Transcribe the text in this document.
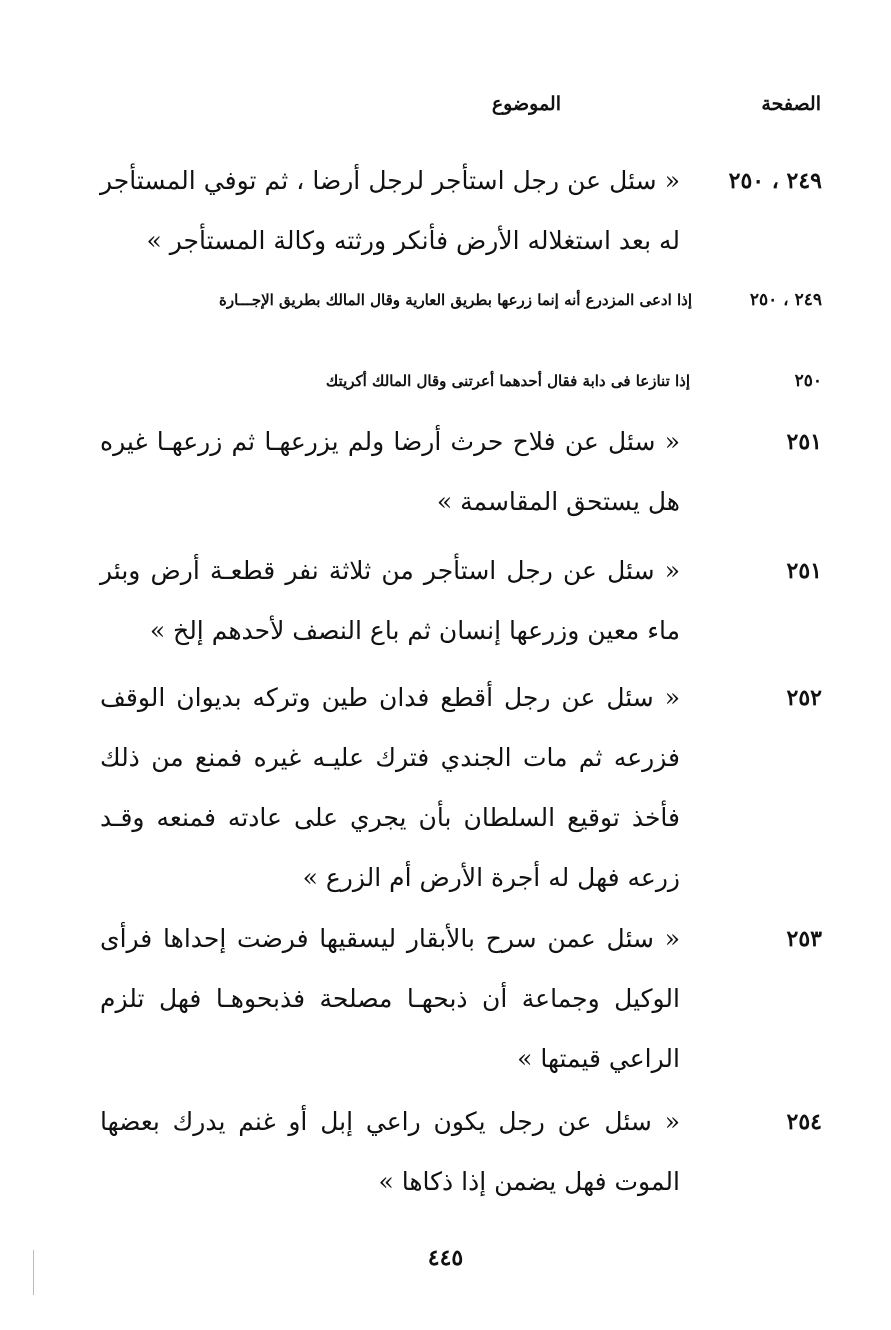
الصفحة
الموضوع
٢٤٩ ، ٢٥٠
« سئل عن رجل استأجر لرجل أرضا ، ثم توفي المستأجر له بعد استغلاله الأرض فأنكر ورثته وكالة المستأجر »
٢٤٩ ، ٢٥٠
إذا ادعى المزدرع أنه إنما زرعها بطريق العارية وقال المالك بطريق الإجـــارة
٢٥٠
إذا تنازعا فى دابة فقال أحدهما أعرتنى وقال المالك أكريتك
٢٥١
« سئل عن فلاح حرث أرضا ولم يزرعهـا ثم زرعهـا غيره هل يستحق المقاسمة »
٢٥١
« سئل عن رجل استأجر من ثلاثة نفر قطعـة أرض وبئر ماء معين وزرعها إنسان ثم باع النصف لأحدهم إلخ »
٢٥٢
« سئل عن رجل أقطع فدان طين وتركه بديوان الوقف فزرعه ثم مات الجندي فترك عليـه غيره فمنع من ذلك فأخذ توقيع السلطان بأن يجري على عادته فمنعه وقـد زرعه فهل له أجرة الأرض أم الزرع »
٢٥٣
« سئل عمن سرح بالأبقار ليسقيها فرضت إحداها فرأى الوكيل وجماعة أن ذبحهـا مصلحة فذبحوهـا فهل تلزم الراعي قيمتها »
٢٥٤
« سئل عن رجل يكون راعي إبل أو غنم يدرك بعضها الموت فهل يضمن إذا ذكاها »
٤٤٥
